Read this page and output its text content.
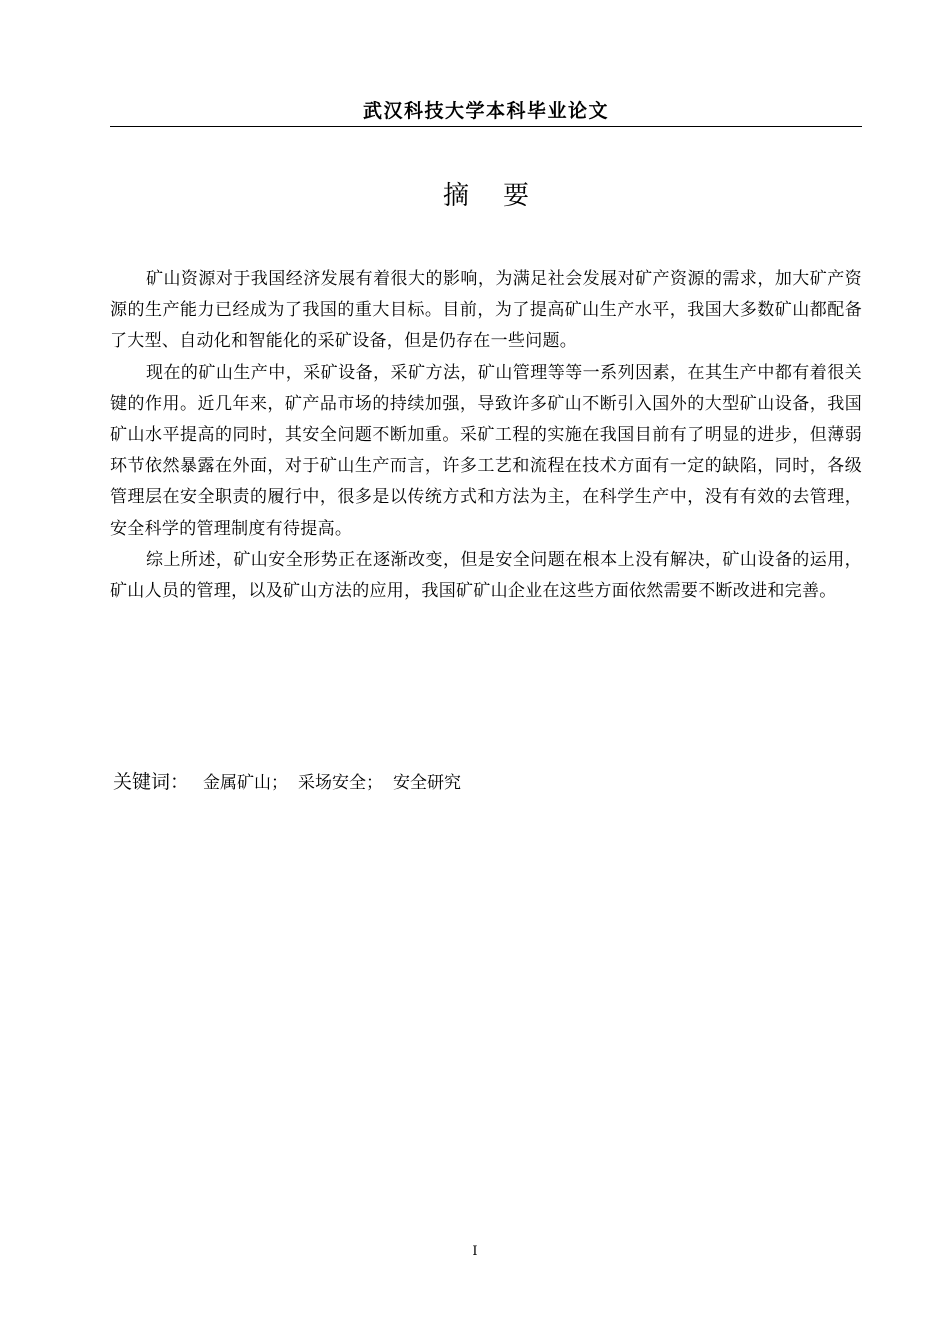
武汉科技大学本科毕业论文
摘要

矿山资源对于我国经济发展有着很大的影响，为满足社会发展对矿产资源的需求，加大矿产资源的生产能力已经成为了我国的重大目标。目前，为了提高矿山生产水平，我国大多数矿山都配备了大型、自动化和智能化的采矿设备，但是仍存在一些问题。

现在的矿山生产中，采矿设备，采矿方法，矿山管理等等一系列因素，在其生产中都有着很关键的作用。近几年来，矿产品市场的持续加强，导致许多矿山不断引入国外的大型矿山设备，我国矿山水平提高的同时，其安全问题不断加重。采矿工程的实施在我国目前有了明显的进步，但薄弱环节依然暴露在外面，对于矿山生产而言，许多工艺和流程在技术方面有一定的缺陷，同时，各级管理层在安全职责的履行中，很多是以传统方式和方法为主，在科学生产中，没有有效的去管理，安全科学的管理制度有待提高。

综上所述，矿山安全形势正在逐渐改变，但是安全问题在根本上没有解决，矿山设备的运用，矿山人员的管理，以及矿山方法的应用，我国矿矿山企业在这些方面依然需要不断改进和完善。

关键词： 金属矿山； 采场安全； 安全研究
I
